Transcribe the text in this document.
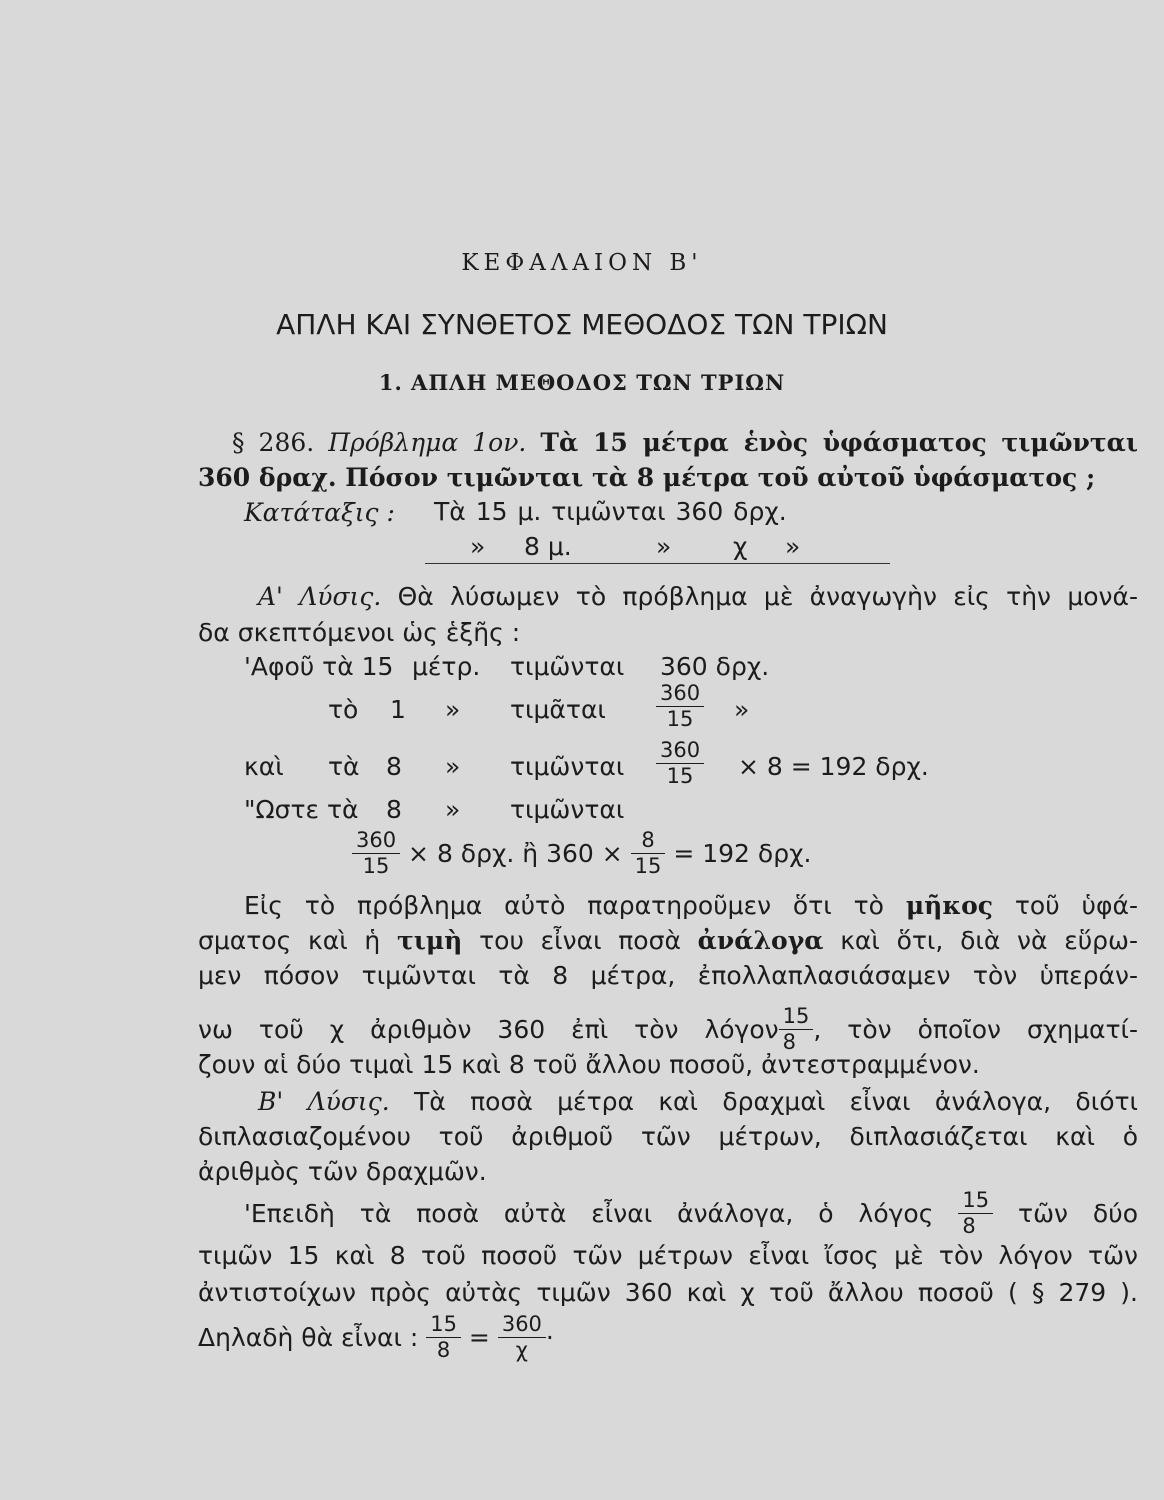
ΚΕΦΑΛΑΙΟΝ Β'
ΑΠΛΗ ΚΑΙ ΣΥΝΘΕΤΟΣ ΜΕΘΟΔΟΣ ΤΩΝ ΤΡΙΩΝ
1. ΑΠΛΗ ΜΕΘΟΔΟΣ ΤΩΝ ΤΡΙΩΝ
§ 286. Πρόβλημα 1ον. Τὰ 15 μέτρα ἑνὸς ὑφάσματος τιμῶνται
360 δραχ. Πόσον τιμῶνται τὰ 8 μέτρα τοῦ αὐτοῦ ὑφάσματος ;
Κατάταξις : Τὰ 15 μ. τιμῶνται 360 δρχ.
» 8 μ.	» χ »
Α' Λύσις. Θὰ λύσωμεν τὸ πρόβλημα μὲ ἀναγωγὴν εἰς τὴν μονά-
δα σκεπτόμενοι ὡς ἑξῆς :
'Αφοῦ τὰ 15 μέτρ. τιμῶνται 360 δρχ.
τὸ 1 » τιμᾶται $\frac{360}{15}$ »
καὶ τὰ 8 » τιμῶνται $\frac{360}{15} \times 8 = 192$ δρχ.
"Ωστε τὰ 8 » τιμῶνται
$\frac{360}{15} \times 8$ δρχ. ἢ $360 \times \frac{8}{15} = 192$ δρχ.
Εἰς τὸ πρόβλημα αὐτὸ παρατηροῦμεν ὅτι τὸ μῆκος τοῦ ὑφά-
σματος καὶ ἡ τιμὴ του εἶναι ποσὰ ἀνάλογα καὶ ὅτι, διὰ νὰ εὕρω-
μεν πόσον τιμῶνται τὰ 8 μέτρα, ἐπολλαπλασιάσαμεν τὸν ὑπεράν-
νω τοῦ χ ἀριθμὸν 360 ἐπὶ τὸν λόγον $\frac{15}{8}$ , τὸν ὁποῖον σχηματί-
ζουν αἱ δύο τιμαὶ 15 καὶ 8 τοῦ ἄλλου ποσοῦ, ἀντεστραμμένον.
Β' Λύσις. Τὰ ποσὰ μέτρα καὶ δραχμαὶ εἶναι ἀνάλογα, διότι
διπλασιαζομένου τοῦ ἀριθμοῦ τῶν μέτρων, διπλασιάζεται καὶ ὁ
ἀριθμὸς τῶν δραχμῶν.
'Επειδὴ τὰ ποσὰ αὐτὰ εἶναι ἀνάλογα, ὁ λόγος $\frac{15}{8}$ τῶν δύο
τιμῶν 15 καὶ 8 τοῦ ποσοῦ τῶν μέτρων εἶναι ἴσος μὲ τὸν λόγον τῶν
ἀντιστοίχων πρὸς αὐτὰς τιμῶν 360 καὶ χ τοῦ ἄλλου ποσοῦ ( § 279 ).
Δηλαδὴ θὰ εἶναι : $\frac{15}{8} = \frac{360}{\chi}$ ·
